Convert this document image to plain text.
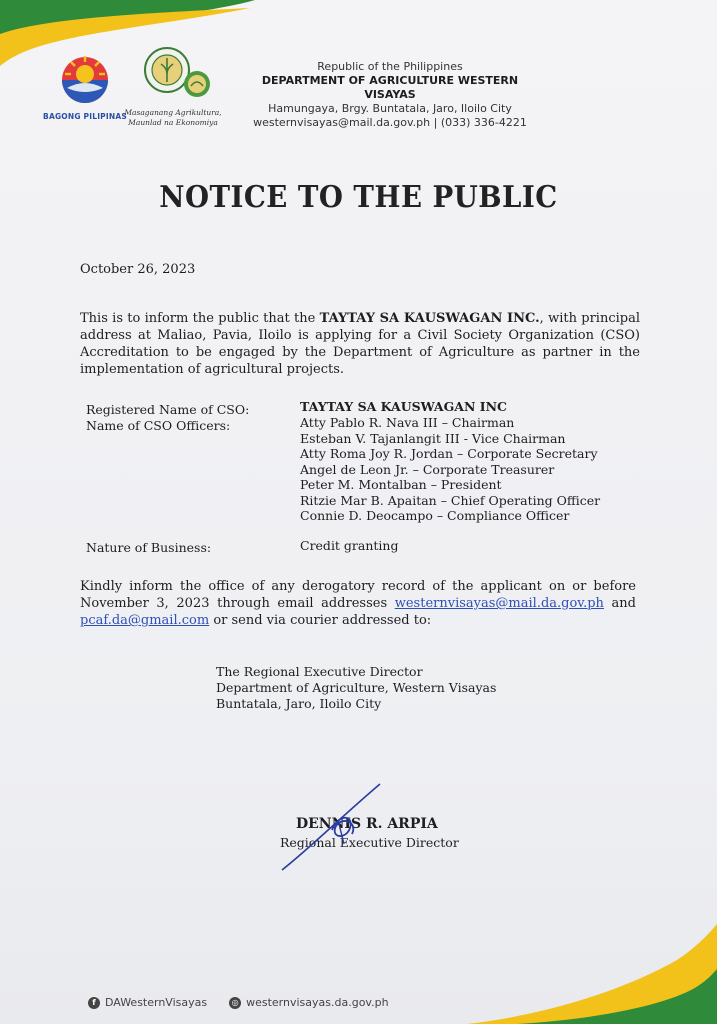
BAGONG PILIPINAS
Masaganang Agrikultura,
Maunlad na Ekonomiya
Republic of the Philippines
DEPARTMENT OF AGRICULTURE WESTERN VISAYAS
Hamungaya, Brgy. Buntatala, Jaro, Iloilo City
westernvisayas@mail.da.gov.ph | (033) 336-4221
NOTICE TO THE PUBLIC
October 26, 2023
This is to inform the public that the TAYTAY SA KAUSWAGAN INC., with principal address at Maliao, Pavia, Iloilo is applying for a Civil Society Organization (CSO) Accreditation to be engaged by the Department of Agriculture as partner in the implementation of agricultural projects.
Registered Name of CSO:
Name of CSO Officers:
TAYTAY SA KAUSWAGAN INC
Atty Pablo R. Nava III – Chairman
Esteban V. Tajanlangit III - Vice Chairman
Atty Roma Joy R. Jordan – Corporate Secretary
Angel de Leon Jr. – Corporate Treasurer
Peter M. Montalban – President
Ritzie Mar B. Apaitan – Chief Operating Officer
Connie D. Deocampo – Compliance Officer
Nature of Business:	Credit granting
Kindly inform the office of any derogatory record of the applicant on or before November 3, 2023 through email addresses westernvisayas@mail.da.gov.ph and pcaf.da@gmail.com or send via courier addressed to:
The Regional Executive Director
Department of Agriculture, Western Visayas
Buntatala, Jaro, Iloilo City
DENNIS R. ARPIA
Regional Executive Director
f DAWesternVisayas	◎ westernvisayas.da.gov.ph
